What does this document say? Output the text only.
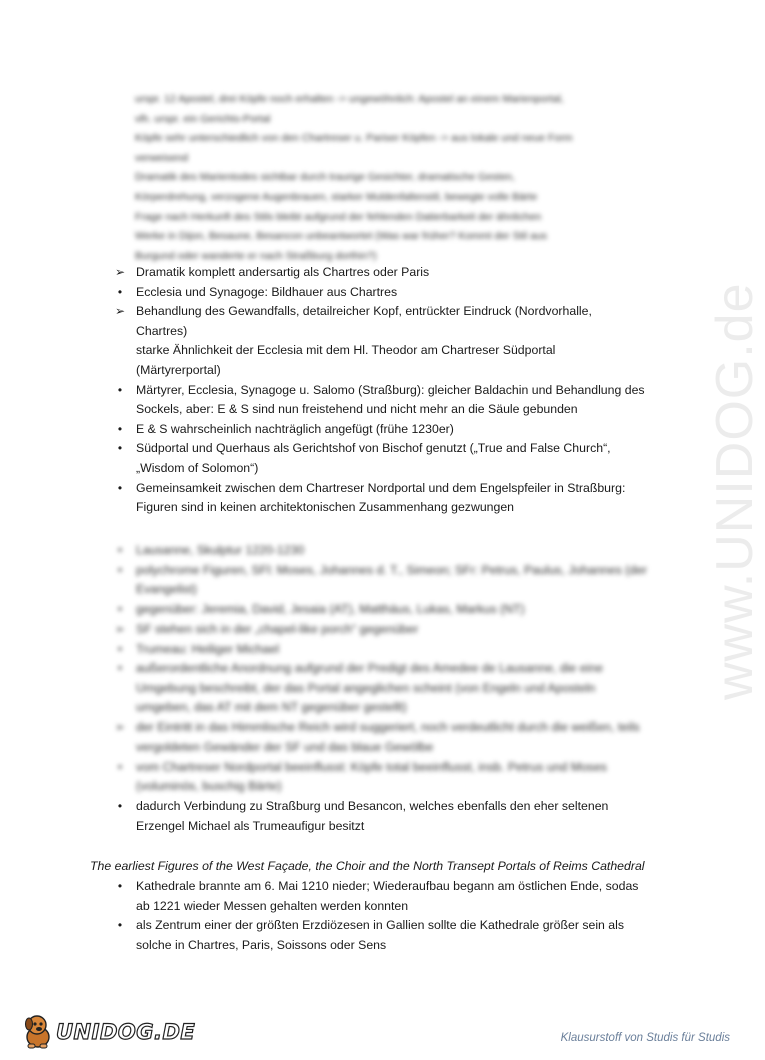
www.UNIDOG.de
urspr. 12 Apostel, drei Köpfe noch erhalten -> ungewöhnlich: Apostel an einem Marienportal,
vlh. urspr. ein Gerichts-Portal
Köpfe sehr unterschiedlich von den Chartreser u. Pariser Köpfen -> aus lokale und neue Form
verweisend
Dramatik des Marientodes sichtbar durch traurige Gesichter, dramatische Gesten,
Körperdrehung, verzogene Augenbrauen, starker Muldenfaltenstil, bewegte volle Bärte
Frage nach Herkunft des Stils bleibt aufgrund der fehlenden Datierbarkeit der ähnlichen
Werke in Dijon, Besaune, Besancon unbeantwortet (Was war früher? Kommt der Stil aus
Burgund oder wanderte er nach Straßburg dorthin?)
➢ Dramatik komplett andersartig als Chartres oder Paris
•	Ecclesia und Synagoge: Bildhauer aus Chartres
➢ Behandlung des Gewandfalls, detailreicher Kopf, entrückter Eindruck (Nordvorhalle,
Chartres)
starke Ähnlichkeit der Ecclesia mit dem Hl. Theodor am Chartreser Südportal
(Märtyrerportal)
•	Märtyrer, Ecclesia, Synagoge u. Salomo (Straßburg): gleicher Baldachin und Behandlung des
Sockels, aber: E & S sind nun freistehend und nicht mehr an die Säule gebunden
•	E & S wahrscheinlich nachträglich angefügt (frühe 1230er)
•	Südportal und Querhaus als Gerichtshof von Bischof genutzt („True and False Church“,
„Wisdom of Solomon“)
•	Gemeinsamkeit zwischen dem Chartreser Nordportal und dem Engelspfeiler in Straßburg:
Figuren sind in keinen architektonischen Zusammenhang gezwungen
•	Lausanne, Skulptur 1220-1230
•	polychrome Figuren, SFl: Moses, Johannes d. T., Simeon; SFr: Petrus, Paulus, Johannes (der
Evangelist)
•	gegenüber: Jeremia, David, Jesaia (AT), Matthäus, Lukas, Markus (NT)
➢ SF stehen sich in der „chapel-like porch“ gegenüber
•	Trumeau: Heiliger Michael
•	außerordentliche Anordnung aufgrund der Predigt des Amedee de Lausanne, die eine
Umgebung beschreibt, der das Portal angeglichen scheint (von Engeln und Aposteln
umgeben, das AT mit dem NT gegenüber gestellt)
➢ der Eintritt in das Himmlische Reich wird suggeriert, noch verdeutlicht durch die weißen, teils
vergoldeten Gewänder der SF und das blaue Gewölbe
•	vom Chartreser Nordportal beeinflusst: Köpfe total beeinflusst, insb. Petrus und Moses
(voluminös, buschig Bärte)
•	dadurch Verbindung zu Straßburg und Besancon, welches ebenfalls den eher seltenen
Erzengel Michael als Trumeaufigur besitzt
The earliest Figures of the West Façade, the Choir and the North Transept Portals of Reims Cathedral
•	Kathedrale brannte am 6. Mai 1210 nieder; Wiederaufbau begann am östlichen Ende, sodas
ab 1221 wieder Messen gehalten werden konnten
•	als Zentrum einer der größten Erzdiözesen in Gallien sollte die Kathedrale größer sein als
solche in Chartres, Paris, Soissons oder Sens
UNIDOG.DE	Klausurstoff von Studis für Studis
